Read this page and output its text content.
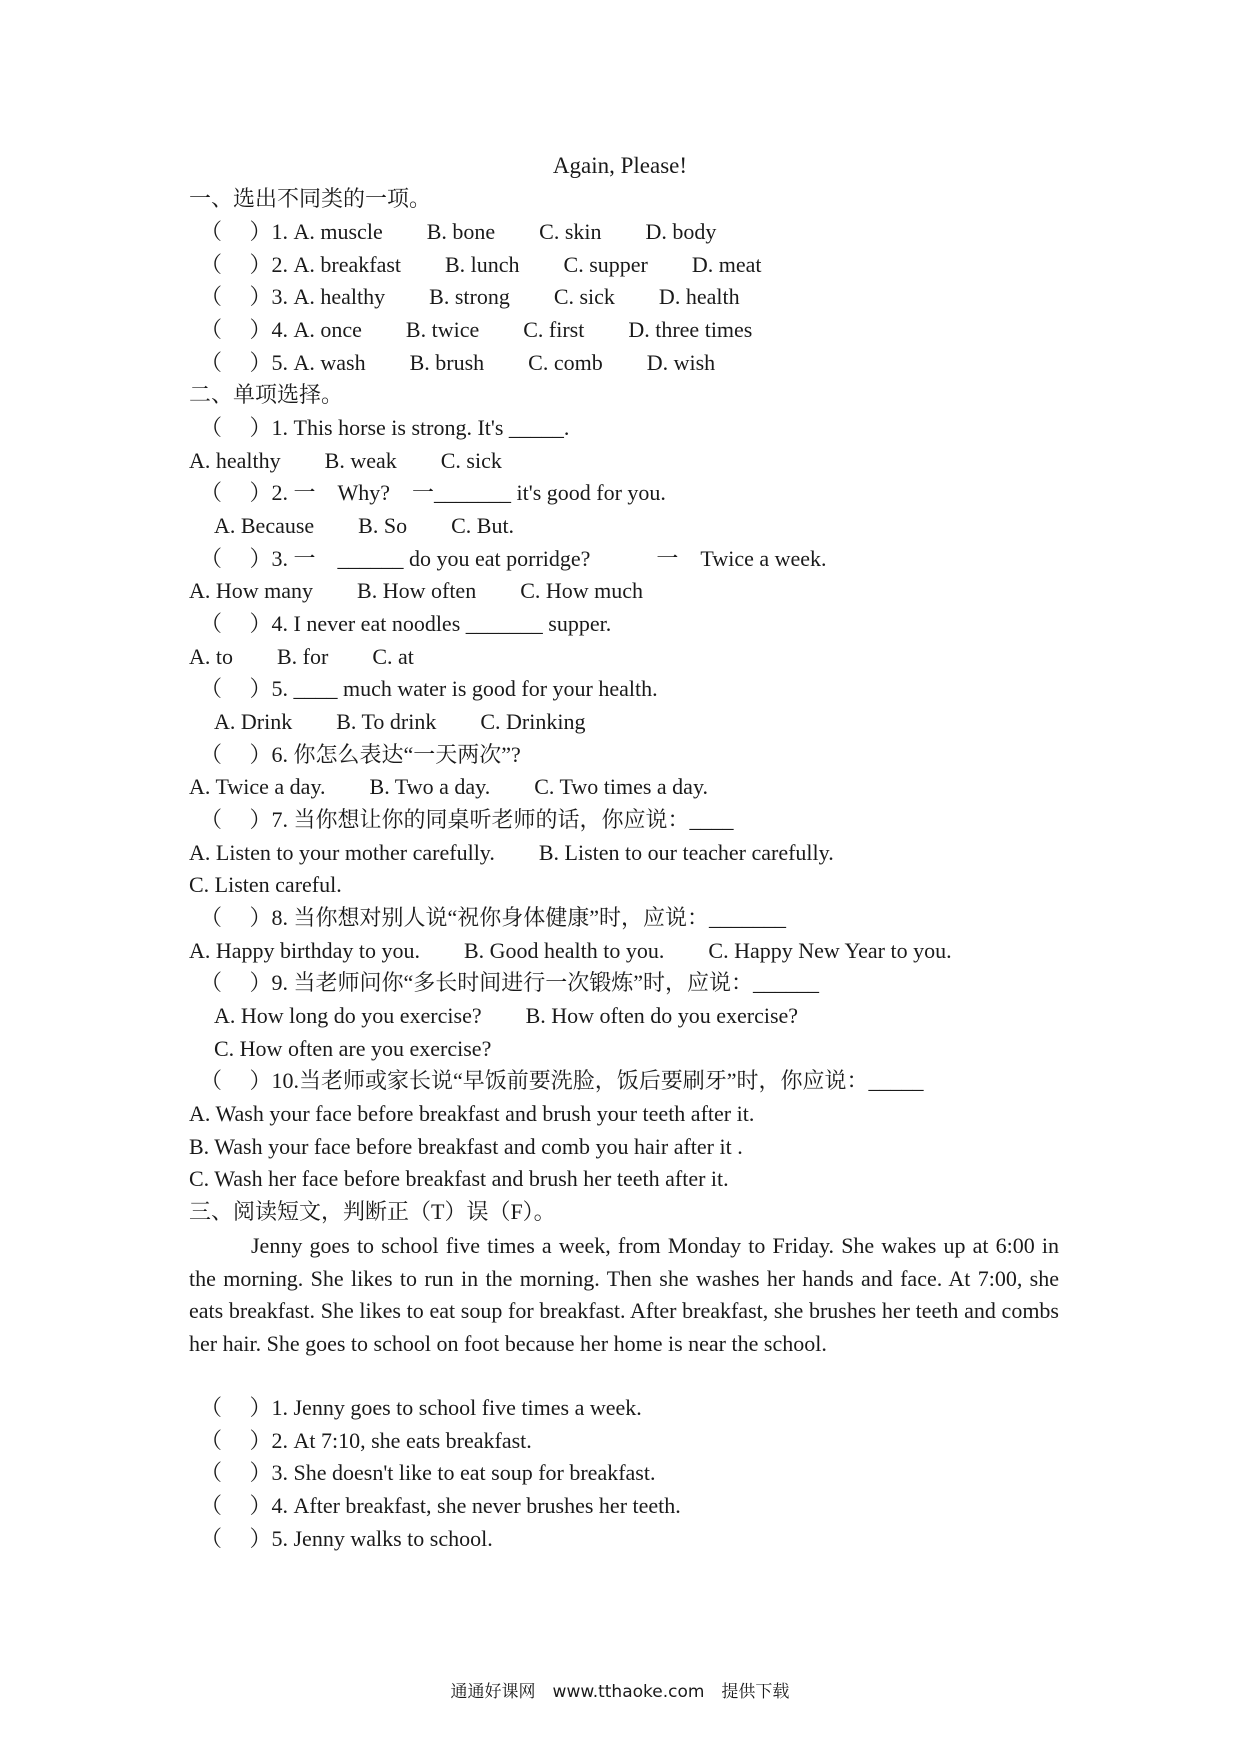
Again, Please!
一、选出不同类的一项。
（　 ）1. A. muscle　　B. bone　　C. skin　　D. body
（　 ）2. A. breakfast　　B. lunch　　C. supper　　D. meat
（　 ）3. A. healthy　　B. strong　　C. sick　　D. health
（　 ）4. A. once　　B. twice　　C. first　　D. three times
（　 ）5. A. wash　　B. brush　　C. comb　　D. wish
二、单项选择。
（　 ）1. This horse is strong. It's _____.
A. healthy　　B. weak　　C. sick
（　 ）2. 一　Why?　一_______ it's good for you.
A. Because　　B. So　　C. But.
（　 ）3. 一　______ do you eat porridge?　　　一　Twice a week.
A. How many　　B. How often　　C. How much
（　 ）4. I never eat noodles _______ supper.
A. to　　B. for　　C. at
（　 ）5. ____ much water is good for your health.
A. Drink　　B. To drink　　C. Drinking
（　 ）6. 你怎么表达“一天两次”?
A. Twice a day.　　B. Two a day.　　C. Two times a day.
（　 ）7. 当你想让你的同桌听老师的话，你应说：____
A. Listen to your mother carefully.　　B. Listen to our teacher carefully.
C. Listen careful.
（　 ）8. 当你想对别人说“祝你身体健康”时，应说：_______
A. Happy birthday to you.　　B. Good health to you.　　C. Happy New Year to you.
（　 ）9. 当老师问你“多长时间进行一次锻炼”时，应说：______
A. How long do you exercise?　　B. How often do you exercise?
C. How often are you exercise?
（　 ）10.当老师或家长说“早饭前要洗脸，饭后要刷牙”时，你应说：_____
A. Wash your face before breakfast and brush your teeth after it.
B. Wash your face before breakfast and comb you hair after it .
C. Wash her face before breakfast and brush her teeth after it.
三、阅读短文，判断正（T）误（F）。
Jenny goes to school five times a week, from Monday to Friday. She wakes up at 6:00 in the morning. She likes to run in the morning. Then she washes her hands and face. At 7:00, she eats breakfast. She likes to eat soup for breakfast. After breakfast, she brushes her teeth and combs her hair. She goes to school on foot because her home is near the school.
（　 ）1. Jenny goes to school five times a week.
（　 ）2. At 7:10, she eats breakfast.
（　 ）3. She doesn't like to eat soup for breakfast.
（　 ）4. After breakfast, she never brushes her teeth.
（　 ）5. Jenny walks to school.
通通好课网　www.tthaoke.com　提供下载
